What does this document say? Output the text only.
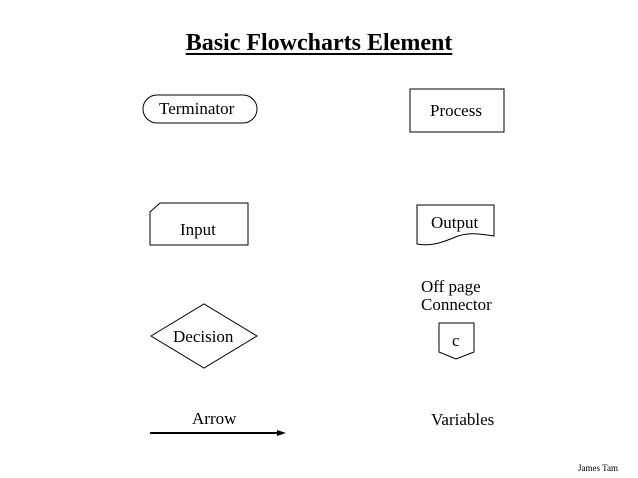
Basic Flowcharts Element
Terminator	Process
Input	Output
Off page
Connector
c
Decision
Arrow	Variables
James Tam
